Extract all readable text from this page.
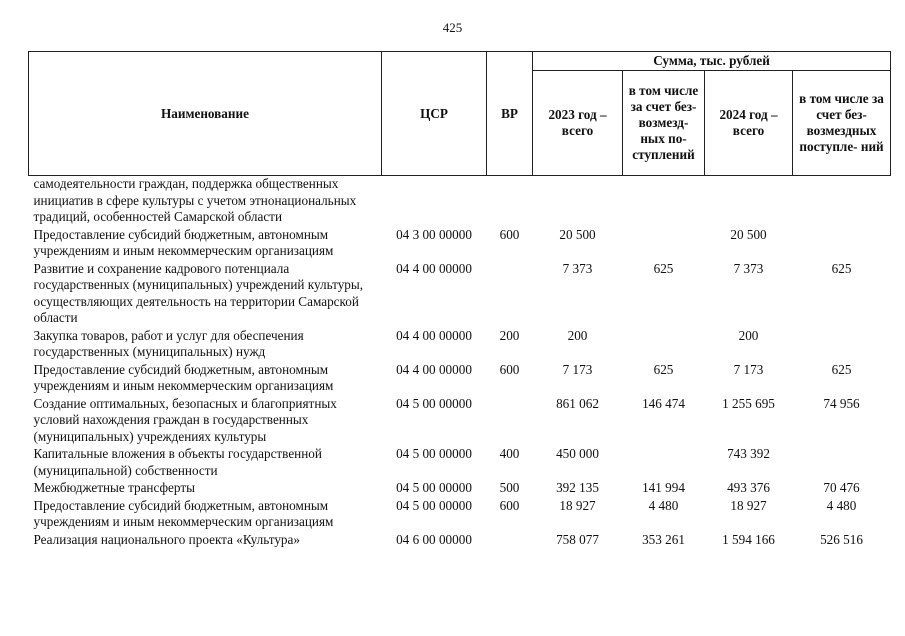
425
Наименование	ЦСР	ВР	Сумма, тыс. рублей			
			2023 год – всего	в том числе за счет без- возмезд- ных по- ступлений	2024 год – всего	в том числе за счет без- возмездных поступле- ний
самодеятельности граждан, поддержка общественных инициатив в сфере культуры с учетом этнонациональных традиций, особенностей Самарской области						
Предоставление субсидий бюджетным, автономным учреждениям и иным некоммерческим организациям	04 3 00 00000	600	20 500		20 500	
Развитие и сохранение кадрового потенциала государственных (муниципальных) учреждений культуры, осуществляющих деятельность на территории Самарской области	04 4 00 00000		7 373	625	7 373	625
Закупка товаров, работ и услуг для обеспечения государственных (муниципальных) нужд	04 4 00 00000	200	200		200	
Предоставление субсидий бюджетным, автономным учреждениям и иным некоммерческим организациям	04 4 00 00000	600	7 173	625	7 173	625
Создание оптимальных, безопасных и благоприятных условий нахождения граждан в государственных (муниципальных) учреждениях культуры	04 5 00 00000		861 062	146 474	1 255 695	74 956
Капитальные вложения в объекты государственной (муниципальной) собственности	04 5 00 00000	400	450 000		743 392	
Межбюджетные трансферты	04 5 00 00000	500	392 135	141 994	493 376	70 476
Предоставление субсидий бюджетным, автономным учреждениям и иным некоммерческим организациям	04 5 00 00000	600	18 927	4 480	18 927	4 480
Реализация национального проекта «Культура»	04 6 00 00000		758 077	353 261	1 594 166	526 516
